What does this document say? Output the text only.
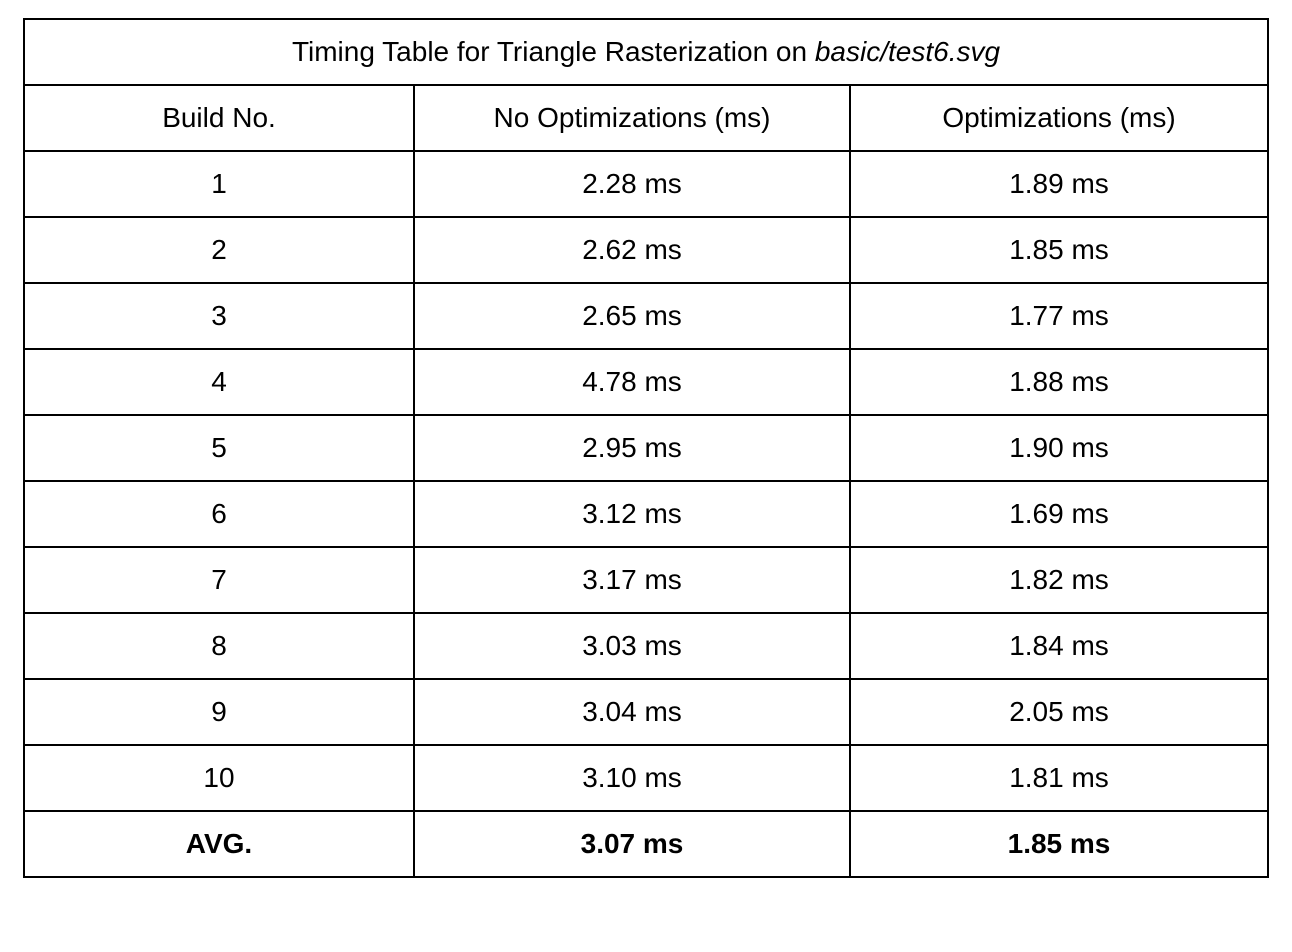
Timing Table for Triangle Rasterization on basic/test6.svg		
Build No.	No Optimizations (ms)	Optimizations (ms)
1	2.28 ms	1.89 ms
2	2.62 ms	1.85 ms
3	2.65 ms	1.77 ms
4	4.78 ms	1.88 ms
5	2.95 ms	1.90 ms
6	3.12 ms	1.69 ms
7	3.17 ms	1.82 ms
8	3.03 ms	1.84 ms
9	3.04 ms	2.05 ms
10	3.10 ms	1.81 ms
AVG.	3.07 ms	1.85 ms
